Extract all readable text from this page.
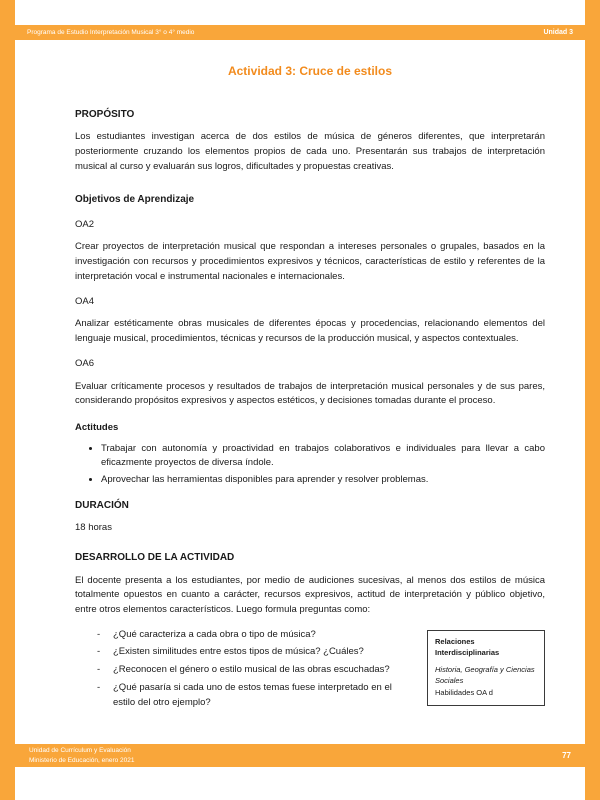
Programa de Estudio Interpretación Musical 3° o 4° medio	Unidad 3
Actividad 3: Cruce de estilos
PROPÓSITO

Los estudiantes investigan acerca de dos estilos de música de géneros diferentes, que interpretarán posteriormente cruzando los elementos propios de cada uno. Presentarán sus trabajos de interpretación musical al curso y evaluarán sus logros, dificultades y propuestas creativas.

Objetivos de Aprendizaje
OA2

Crear proyectos de interpretación musical que respondan a intereses personales o grupales, basados en la investigación con recursos y procedimientos expresivos y técnicos, características de estilo y referentes de la interpretación vocal e instrumental nacionales e internacionales.

OA4

Analizar estéticamente obras musicales de diferentes épocas y procedencias, relacionando elementos del lenguaje musical, procedimientos, técnicas y recursos de la producción musical, y aspectos contextuales.

OA6

Evaluar críticamente procesos y resultados de trabajos de interpretación musical personales y de sus pares, considerando propósitos expresivos y aspectos estéticos, y decisiones tomadas durante el proceso.

Actitudes
• Trabajar con autonomía y proactividad en trabajos colaborativos e individuales para llevar a cabo eficazmente proyectos de diversa índole.
• Aprovechar las herramientas disponibles para aprender y resolver problemas.
DURACIÓN

18 horas

DESARROLLO DE LA ACTIVIDAD

El docente presenta a los estudiantes, por medio de audiciones sucesivas, al menos dos estilos de música totalmente opuestos en cuanto a carácter, recursos expresivos, actitud de interpretación y público objetivo, entre otros elementos característicos. Luego formula preguntas como:

-	¿Qué caracteriza a cada obra o tipo de música?
-	¿Existen similitudes entre estos tipos de música? ¿Cuáles?
-	¿Reconocen el género o estilo musical de las obras escuchadas?
-	¿Qué pasaría si cada uno de estos temas fuese interpretado en el estilo del otro ejemplo?
Relaciones Interdisciplinarias
Historia, Geografía y Ciencias Sociales
Habilidades OA d
Unidad de Currículum y Evaluación
Ministerio de Educación, enero 2021	77
